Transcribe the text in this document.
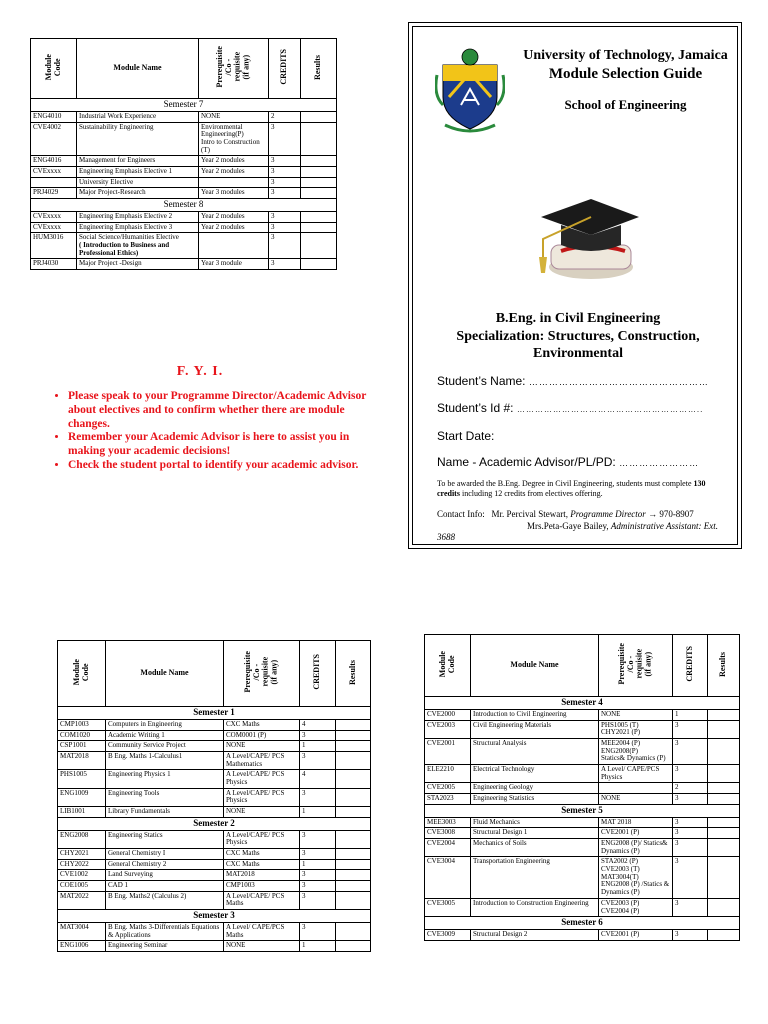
Module
Code	Module Name	Prerequisite
/Co -
requisite
(if any)	CREDITS	Results
Semester 7				
ENG4010	Industrial Work Experience	NONE	2	
CVE4002	Sustainability Engineering	Environmental Engineering(P)
Intro to Construction (T)	3	
ENG4016	Management for Engineers	Year 2 modules	3	
CVExxxx	Engineering Emphasis Elective 1	Year 2 modules	3	
	University Elective		3	
PRJ4029	Major Project-Research	Year 3 modules	3	
Semester 8				
CVExxxx	Engineering Emphasis Elective 2	Year 2 modules	3	
CVExxxx	Engineering Emphasis Elective 3	Year 2 modules	3	
HUM3016	Social Science/Humanities Elective
( Introduction to Business and Professional Ethics)		3	
PRJ4030	Major Project -Design	Year 3 module	3	
F. Y. I.
• Please speak to your Programme Director/Academic Advisor about electives and to confirm whether there are module changes.
• Remember your Academic Advisor is here to assist you in making your academic decisions!
• Check the student portal to identify your academic advisor.
University of Technology, Jamaica
Module Selection Guide
School of Engineering
B.Eng. in Civil Engineering
Specialization: Structures, Construction, Environmental
Student’s Name: ………………………………………………
Student’s Id #: ……………………………………………………..
Start Date:
Name - Academic Advisor/PL/PD: ……………………
To be awarded the B.Eng. Degree in Civil Engineering, students must complete 130 credits including 12 credits from electives offering.
Contact Info: Mr. Percival Stewart, Programme Director → 970-8907
Mrs.Peta-Gaye Bailey, Administrative Assistant: Ext. 3688
Module
Code	Module Name	Prerequisite
/Co -
requisite
(if any)	CREDITS	Results
Semester 1				
CMP1003	Computers in Engineering	CXC Maths	4	
COM1020	Academic Writing 1	COM0001 (P)	3	
CSP1001	Community Service Project	NONE	1	
MAT2018	B Eng. Maths 1-Calculus1	A Level/CAPE/ PCS Mathematics	3	
PHS1005	Engineering Physics 1	A Level/CAPE/ PCS Physics	4	
ENG1009	Engineering Tools	A Level/CAPE/ PCS Physics	3	
LIB1001	Library Fundamentals	NONE	1	
Semester 2				
ENG2008	Engineering Statics	A Level/CAPE/ PCS Physics	3	
CHY2021	General Chemistry I	CXC Maths	3	
CHY2022	General Chemistry 2	CXC Maths	1	
CVE1002	Land Surveying	MAT2018	3	
COE1005	CAD 1	CMP1003	3	
MAT2022	B Eng. Maths2 (Calculus 2)	A Level/CAPE/ PCS Maths	3	
Semester 3				
MAT3004	B Eng. Maths 3-Differentials Equations & Applications	A Level/ CAPE/PCS Maths	3	
ENG1006	Engineering Seminar	NONE	1	
Module
Code	Module Name	Prerequisite
/Co -
requisite
(if any)	CREDITS	Results
Semester 4				
CVE2000	Introduction to Civil Engineering	NONE	1	
CVE2003	Civil Engineering Materials	PHS1005 (T)
CHY2021 (P)	3	
CVE2001	Structural Analysis	MEE2004 (P)
ENG2008(P)
Statics& Dynamics (P)	3	
ELE2210	Electrical Technology	A Level/ CAPE/PCS Physics	3	
CVE2005	Engineering Geology		2	
STA2023	Engineering Statistics	NONE	3	
Semester 5				
MEE3003	Fluid Mechanics	MAT 2018	3	
CVE3008	Structural Design 1	CVE2001 (P)	3	
CVE2004	Mechanics of Soils	ENG2008 (P)/ Statics& Dynamics (P)	3	
CVE3004	Transportation Engineering	STA2002 (P)
CVE2003 (T)
MAT3004(T)
ENG2008 (P) /Statics & Dynamics (P)	3	
CVE3005	Introduction to Construction Engineering	CVE2003 (P)
CVE2004 (P)	3	
Semester 6				
CVE3009	Structural Design 2	CVE2001 (P)	3	
